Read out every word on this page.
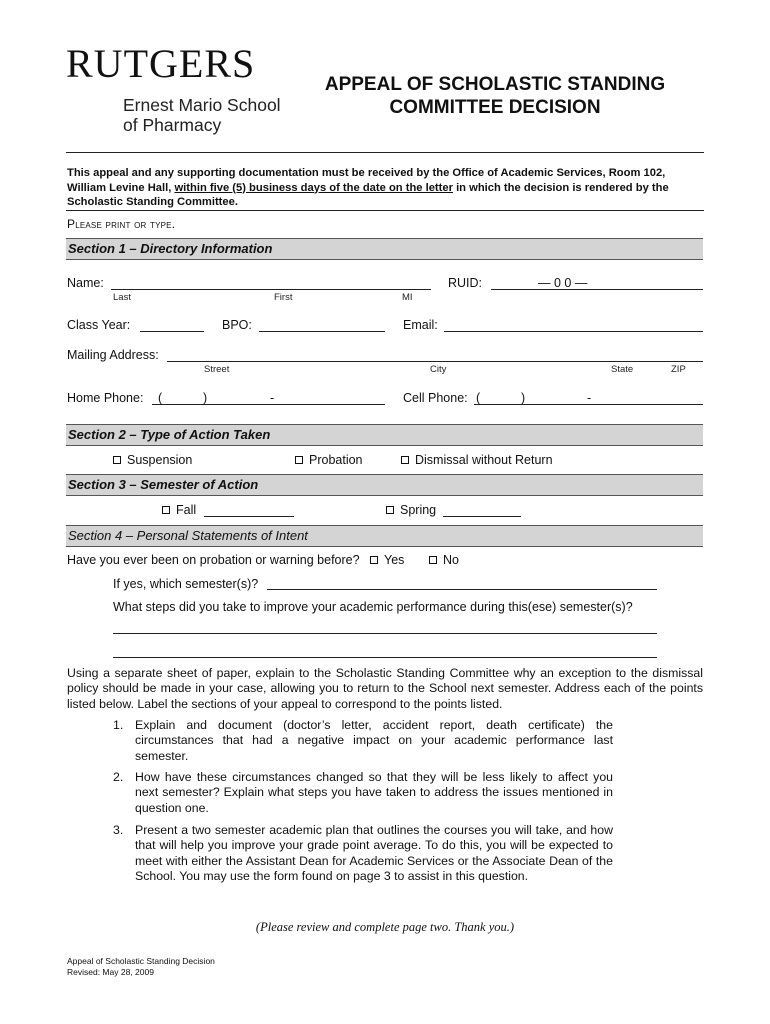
RUTGERS
Ernest Mario School
of Pharmacy
APPEAL OF SCHOLASTIC STANDING
COMMITTEE DECISION
This appeal and any supporting documentation must be received by the Office of Academic Services, Room 102, William Levine Hall, within five (5) business days of the date on the letter in which the decision is rendered by the Scholastic Standing Committee.
Please print or type.
Section 1 – Directory Information
Name:	RUID:	— 0 0 —
Last	First	MI
Class Year:	BPO:	Email:
Mailing Address:
Street	City	State	ZIP
Home Phone: (	)	-	Cell Phone: (	)	-
Section 2 – Type of Action Taken
Suspension	Probation	Dismissal without Return
Section 3 – Semester of Action
Fall	Spring
Section 4 – Personal Statements of Intent
Have you ever been on probation or warning before?	Yes	No
If yes, which semester(s)?
What steps did you take to improve your academic performance during this(ese) semester(s)?
Using a separate sheet of paper, explain to the Scholastic Standing Committee why an exception to the dismissal policy should be made in your case, allowing you to return to the School next semester. Address each of the points listed below. Label the sections of your appeal to correspond to the points listed.
1. Explain and document (doctor’s letter, accident report, death certificate) the circumstances that had a negative impact on your academic performance last semester.
2. How have these circumstances changed so that they will be less likely to affect you next semester? Explain what steps you have taken to address the issues mentioned in question one.
3. Present a two semester academic plan that outlines the courses you will take, and how that will help you improve your grade point average. To do this, you will be expected to meet with either the Assistant Dean for Academic Services or the Associate Dean of the School. You may use the form found on page 3 to assist in this question.
(Please review and complete page two. Thank you.)
Appeal of Scholastic Standing Decision
Revised: May 28, 2009
